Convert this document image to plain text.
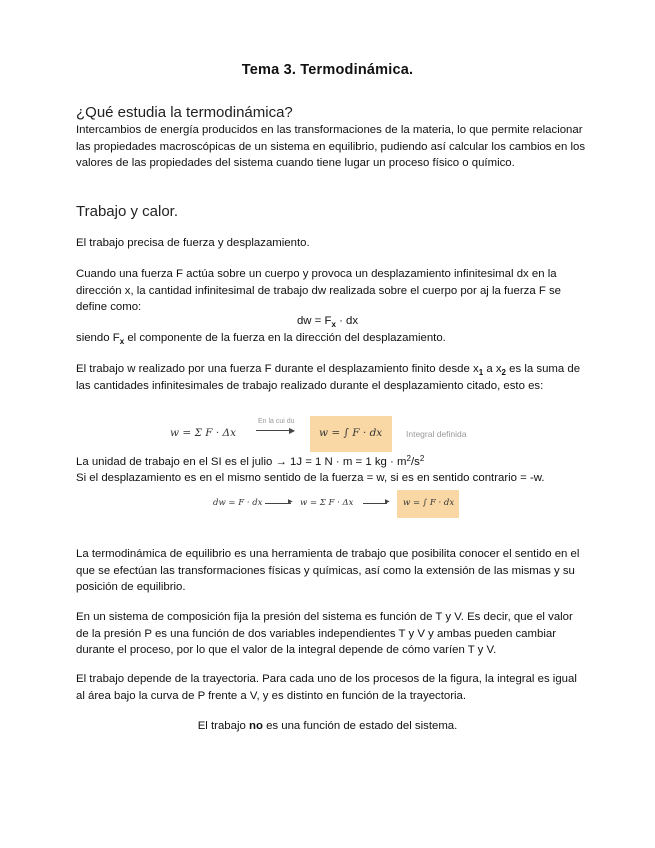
Tema 3. Termodinámica.
¿Qué estudia la termodinámica?
Intercambios de energía producidos en las transformaciones de la materia, lo que permite relacionar las propiedades macroscópicas de un sistema en equilibrio, pudiendo así calcular los cambios en los valores de las propiedades del sistema cuando tiene lugar un proceso físico o químico.
Trabajo y calor.
El trabajo precisa de fuerza y desplazamiento.
Cuando una fuerza F actúa sobre un cuerpo y provoca un desplazamiento infinitesimal dx en la dirección x, la cantidad infinitesimal de trabajo dw realizada sobre el cuerpo por aj la fuerza F se define como:
dw = $F_x$ · dx
siendo $F_x$ el componente de la fuerza en la dirección del desplazamiento.
El trabajo w realizado por una fuerza F durante el desplazamiento finito desde $x_1$ a $x_2$ es la suma de las cantidades infinitesimales de trabajo realizado durante el desplazamiento citado, esto es:
w = Σ F · Δx
En la cui du
▶ w = ∫ F · dx	Integral definida
La unidad de trabajo en el SI es el julio → 1J = 1 N · m = 1 kg · $m^2/s^2$
Si el desplazamiento es en el mismo sentido de la fuerza = w, si es en sentido contrario = -w.
dw = F · dx	▶ w = Σ F · Δx	▶ w = ∫ F · dx
La termodinámica de equilibrio es una herramienta de trabajo que posibilita conocer el sentido en el que se efectúan las transformaciones físicas y químicas, así como la extensión de las mismas y su posición de equilibrio.
En un sistema de composición fija la presión del sistema es función de T y V. Es decir, que el valor de la presión P es una función de dos variables independientes T y V y ambas pueden cambiar durante el proceso, por lo que el valor de la integral depende de cómo varíen T y V.
El trabajo depende de la trayectoria. Para cada uno de los procesos de la figura, la integral es igual al área bajo la curva de P frente a V, y es distinto en función de la trayectoria.
El trabajo no es una función de estado del sistema.
